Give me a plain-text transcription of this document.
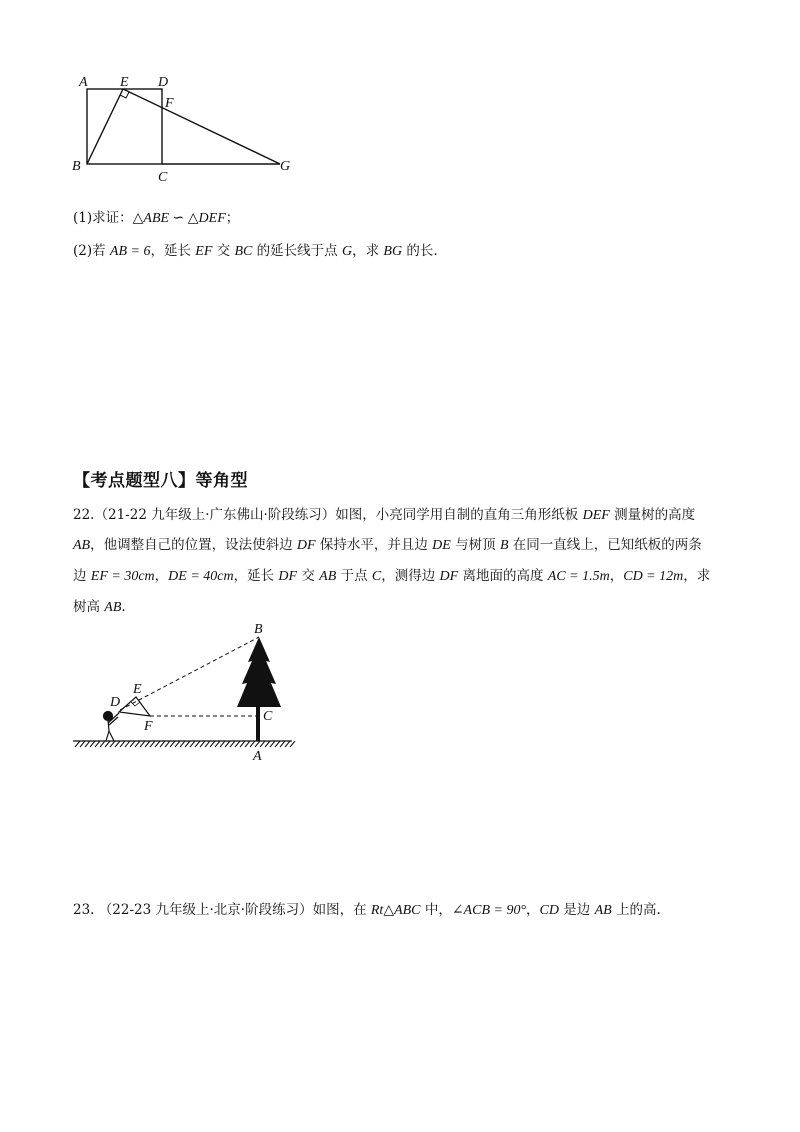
A E D
F
B
C
G
(1)求证：△ABE ∽ △DEF；
(2)若 AB = 6，延长 EF 交 BC 的延长线于点 G，求 BG 的长.
【考点题型八】等角型
22.（21-22 九年级上·广东佛山·阶段练习）如图，小亮同学用自制的直角三角形纸板 DEF 测量树的高度
AB，他调整自己的位置，设法使斜边 DF 保持水平，并且边 DE 与树顶 B 在同一直线上，已知纸板的两条
边 EF = 30cm，DE = 40cm，延长 DF 交 AB 于点 C，测得边 DF 离地面的高度 AC = 1.5m，CD = 12m，求
树高 AB.
B
D
E
F
C
A
23. （22-23 九年级上·北京·阶段练习）如图，在 Rt△ABC 中，∠ACB = 90°，CD 是边 AB 上的高.
